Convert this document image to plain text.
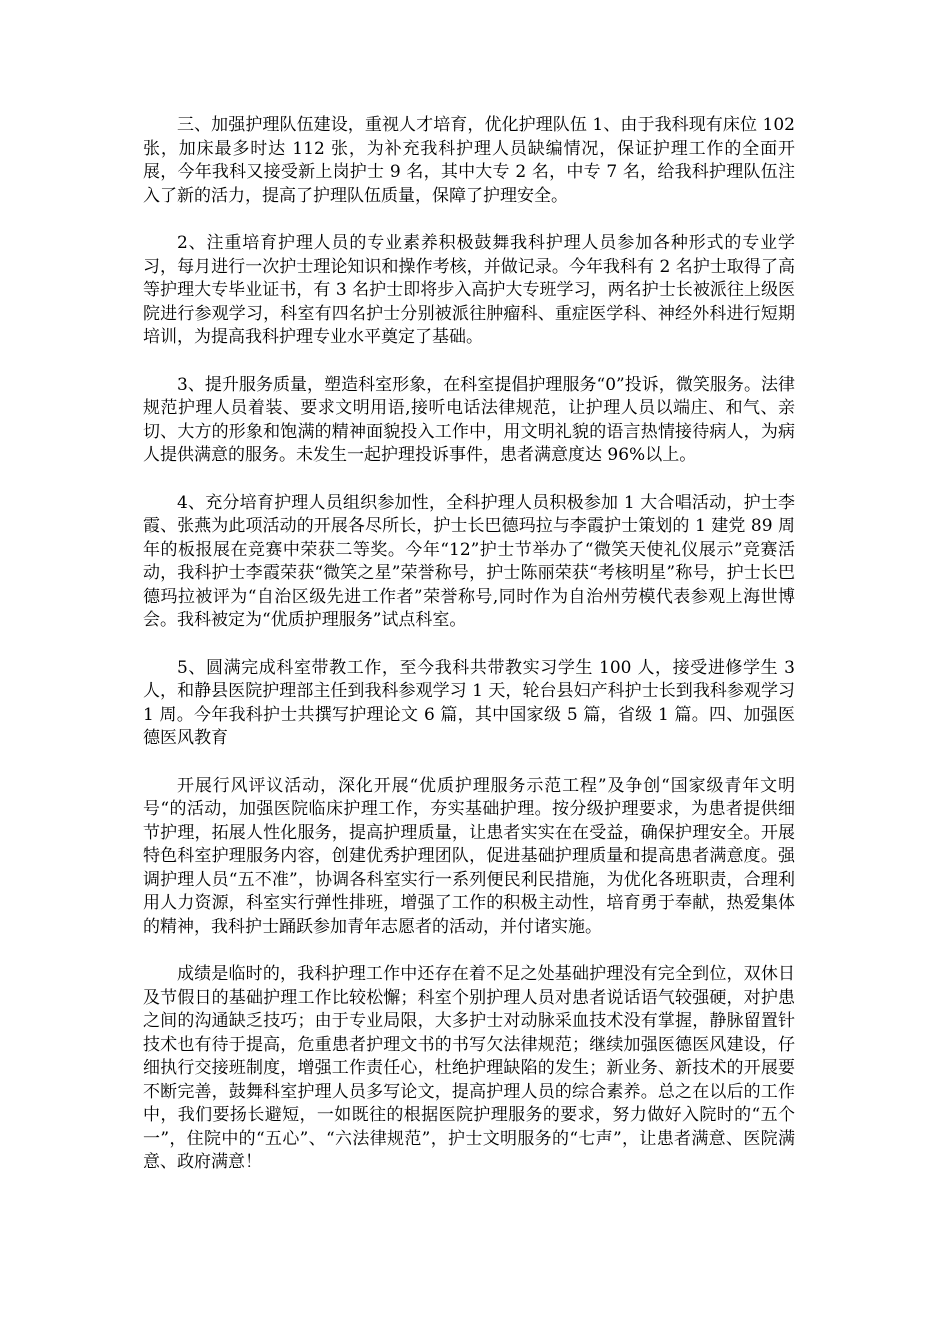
三、加强护理队伍建设，重视人才培育，优化护理队伍 1、由于我科现有床位 102 张，加床最多时达 112 张，为补充我科护理人员缺编情况，保证护理工作的全面开展，今年我科又接受新上岗护士 9 名，其中大专 2 名，中专 7 名，给我科护理队伍注入了新的活力，提高了护理队伍质量，保障了护理安全。

2、注重培育护理人员的专业素养积极鼓舞我科护理人员参加各种形式的专业学习，每月进行一次护士理论知识和操作考核，并做记录。今年我科有 2 名护士取得了高等护理大专毕业证书，有 3 名护士即将步入高护大专班学习，两名护士长被派往上级医院进行参观学习，科室有四名护士分别被派往肿瘤科、重症医学科、神经外科进行短期培训，为提高我科护理专业水平奠定了基础。

3、提升服务质量，塑造科室形象，在科室提倡护理服务“0”投诉，微笑服务。法律规范护理人员着装、要求文明用语,接听电话法律规范，让护理人员以端庄、和气、亲切、大方的形象和饱满的精神面貌投入工作中，用文明礼貌的语言热情接待病人，为病人提供满意的服务。未发生一起护理投诉事件，患者满意度达 96%以上。

4、充分培育护理人员组织参加性，全科护理人员积极参加 1 大合唱活动，护士李霞、张燕为此项活动的开展各尽所长，护士长巴德玛拉与李霞护士策划的 1 建党 89 周年的板报展在竞赛中荣获二等奖。今年“12”护士节举办了“微笑天使礼仪展示”竞赛活动，我科护士李霞荣获“微笑之星”荣誉称号，护士陈丽荣获“考核明星”称号，护士长巴德玛拉被评为“自治区级先进工作者”荣誉称号,同时作为自治州劳模代表参观上海世博会。我科被定为“优质护理服务”试点科室。

5、圆满完成科室带教工作，至今我科共带教实习学生 100 人，接受进修学生 3 人，和静县医院护理部主任到我科参观学习 1 天，轮台县妇产科护士长到我科参观学习 1 周。今年我科护士共撰写护理论文 6 篇，其中国家级 5 篇，省级 1 篇。四、加强医德医风教育

开展行风评议活动，深化开展“优质护理服务示范工程”及争创“国家级青年文明号“的活动，加强医院临床护理工作，夯实基础护理。按分级护理要求，为患者提供细节护理，拓展人性化服务，提高护理质量，让患者实实在在受益，确保护理安全。开展特色科室护理服务内容，创建优秀护理团队，促进基础护理质量和提高患者满意度。强调护理人员“五不准”，协调各科室实行一系列便民利民措施，为优化各班职责，合理利用人力资源，科室实行弹性排班，增强了工作的积极主动性，培育勇于奉献，热爱集体的精神，我科护士踊跃参加青年志愿者的活动，并付诸实施。

成绩是临时的，我科护理工作中还存在着不足之处基础护理没有完全到位，双休日及节假日的基础护理工作比较松懈；科室个别护理人员对患者说话语气较强硬，对护患之间的沟通缺乏技巧；由于专业局限，大多护士对动脉采血技术没有掌握，静脉留置针技术也有待于提高，危重患者护理文书的书写欠法律规范；继续加强医德医风建设，仔细执行交接班制度，增强工作责任心，杜绝护理缺陷的发生；新业务、新技术的开展要不断完善，鼓舞科室护理人员多写论文，提高护理人员的综合素养。总之在以后的工作中，我们要扬长避短，一如既往的根据医院护理服务的要求，努力做好入院时的“五个一”，住院中的“五心”、“六法律规范”，护士文明服务的“七声”，让患者满意、医院满意、政府满意！
